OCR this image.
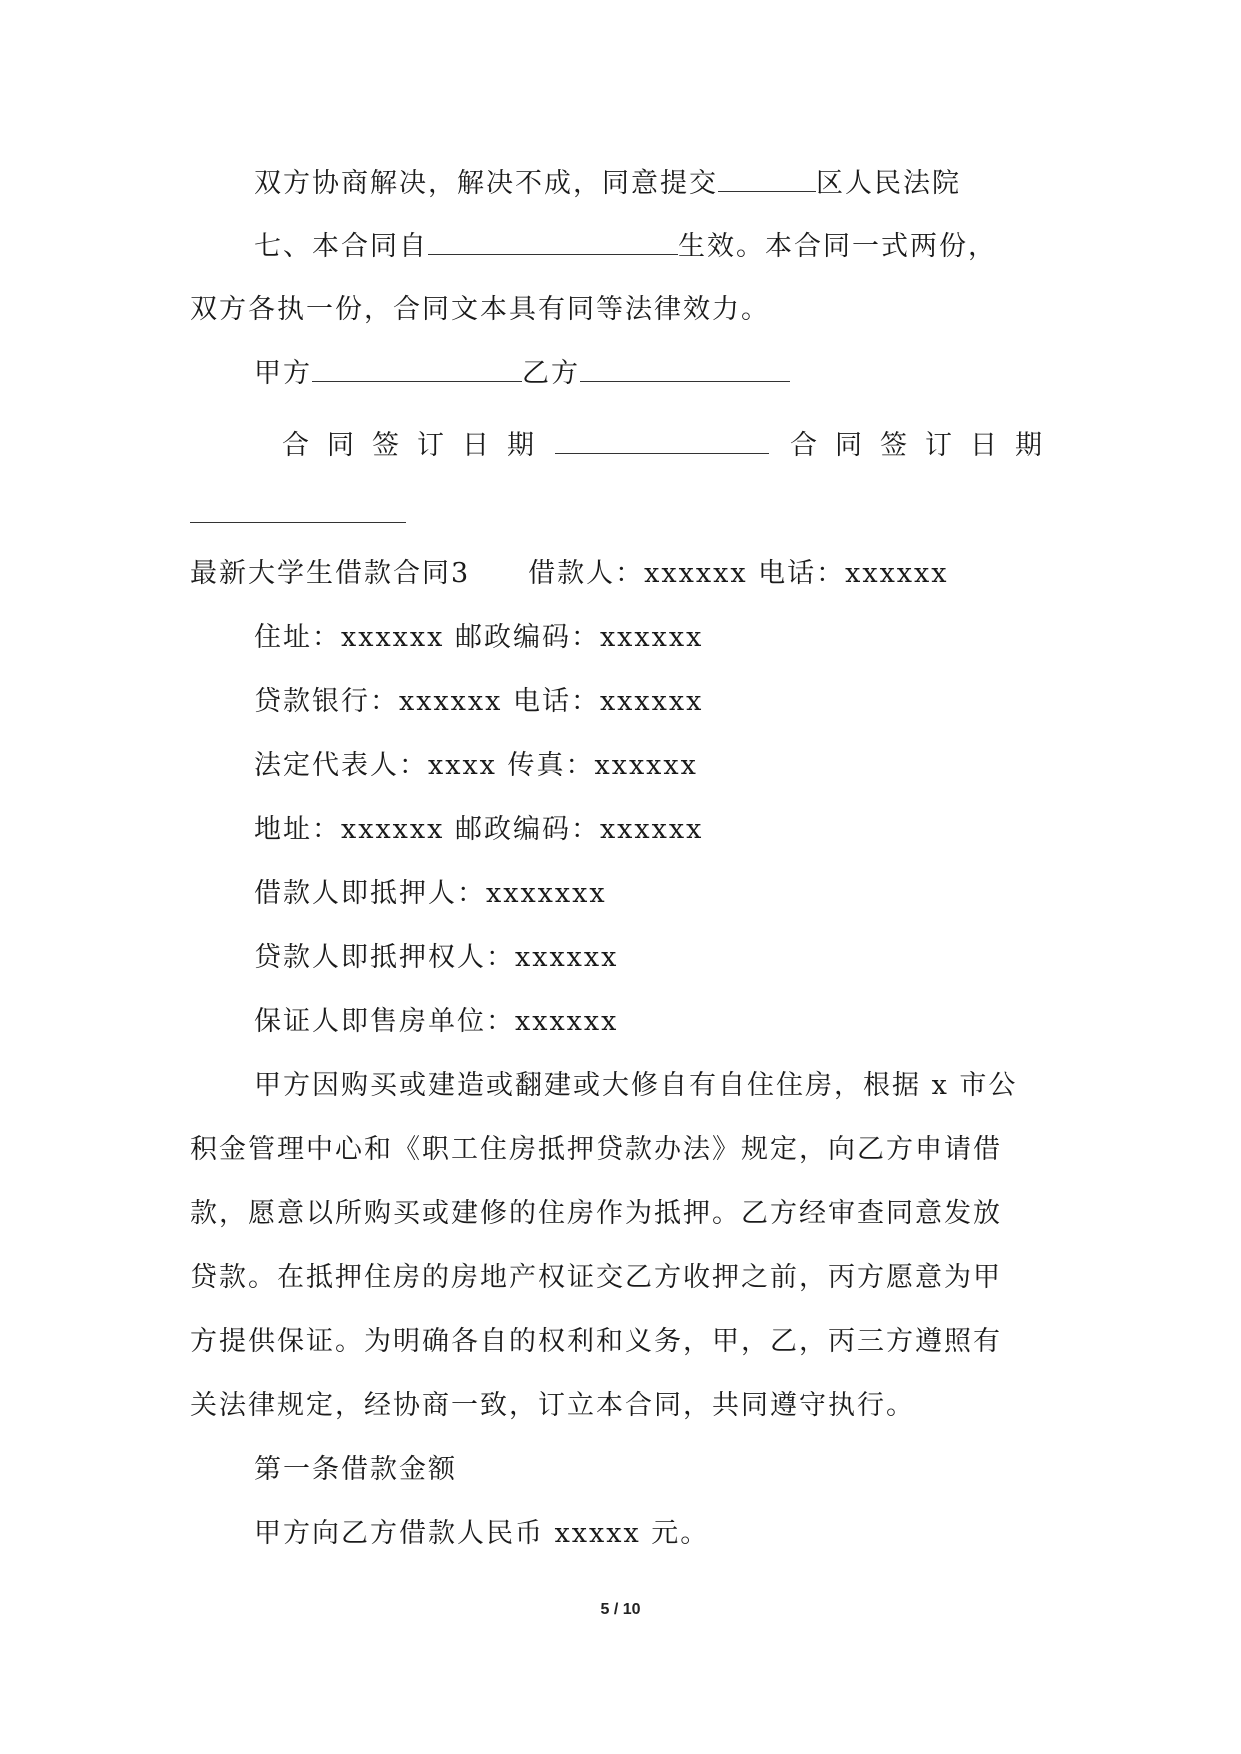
双方协商解决，解决不成，同意提交	区人民法院
七、本合同自	生效。本合同一式两份，
双方各执一份，合同文本具有同等法律效力。
甲方	乙方
合同签订日期	合同签订日期
最新大学生借款合同3　　借款人：xxxxxx 电话：xxxxxx
住址：xxxxxx 邮政编码：xxxxxx
贷款银行：xxxxxx 电话：xxxxxx
法定代表人：xxxx 传真：xxxxxx
地址：xxxxxx 邮政编码：xxxxxx
借款人即抵押人：xxxxxxx
贷款人即抵押权人：xxxxxx
保证人即售房单位：xxxxxx
甲方因购买或建造或翻建或大修自有自住住房，根据 x 市公
积金管理中心和《职工住房抵押贷款办法》规定，向乙方申请借
款，愿意以所购买或建修的住房作为抵押。乙方经审查同意发放
贷款。在抵押住房的房地产权证交乙方收押之前，丙方愿意为甲
方提供保证。为明确各自的权利和义务，甲，乙，丙三方遵照有
关法律规定，经协商一致，订立本合同，共同遵守执行。
第一条借款金额
甲方向乙方借款人民币 xxxxx 元。
5 / 10
